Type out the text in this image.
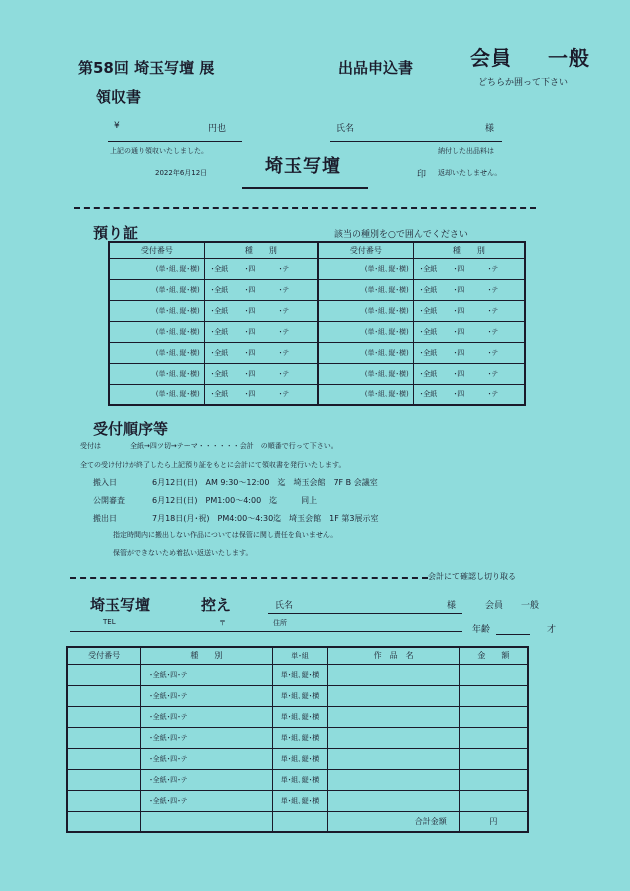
第58回 埼玉写壇 展	出品申込書	会員 一般
どちらか囲って下さい
領収書
¥	円也	氏名	様
上記の通り領収いたしました。	納付した出品料は
返却いたしません。
2022年6月12日	埼玉写壇	印
預り証	該当の種別を○で囲んでください
受付番号	種　　別	受付番号	種　　別
(単･組､縦･横)	･全紙 ･四 ･テ	(単･組､縦･横)	･全紙 ･四 ･テ
(単･組､縦･横)	･全紙 ･四 ･テ	(単･組､縦･横)	･全紙 ･四 ･テ
(単･組､縦･横)	･全紙 ･四 ･テ	(単･組､縦･横)	･全紙 ･四 ･テ
(単･組､縦･横)	･全紙 ･四 ･テ	(単･組､縦･横)	･全紙 ･四 ･テ
(単･組､縦･横)	･全紙 ･四 ･テ	(単･組､縦･横)	･全紙 ･四 ･テ
(単･組､縦･横)	･全紙 ･四 ･テ	(単･組､縦･横)	･全紙 ･四 ･テ
(単･組､縦･横)	･全紙 ･四 ･テ	(単･組､縦･横)	･全紙 ･四 ･テ
受付順序等
受付は	全紙→四ツ切→テーマ・・・・・・会計　の順番で行って下さい。
全ての受け付けが終了したら上記預り証をもとに会計にて領収書を発行いたします。
搬入日	6月12日(日)　AM 9:30～12:00　迄　埼玉会館　7F B 会議室
公開審査	6月12日(日)　PM1:00～4:00　迄　　　同上
搬出日	7月18日(月･祝)　PM4:00～4:30迄　埼玉会館　1F 第3展示室
指定時間内に搬出しない作品については保管に関し責任を負いません。
保管ができないため着払い返送いたします。
会計にて確認し切り取る
埼玉写壇	控え	氏名	様	会員 一般
TEL	〒	住所
年齢	才
受付番号	種　　別	単･組	作　品　名	金　　額
	･全紙･四･テ	単･組､縦･横		
	･全紙･四･テ	単･組､縦･横		
	･全紙･四･テ	単･組､縦･横		
	･全紙･四･テ	単･組､縦･横		
	･全紙･四･テ	単･組､縦･横		
	･全紙･四･テ	単･組､縦･横		
	･全紙･四･テ	単･組､縦･横		
			合計金額	円
